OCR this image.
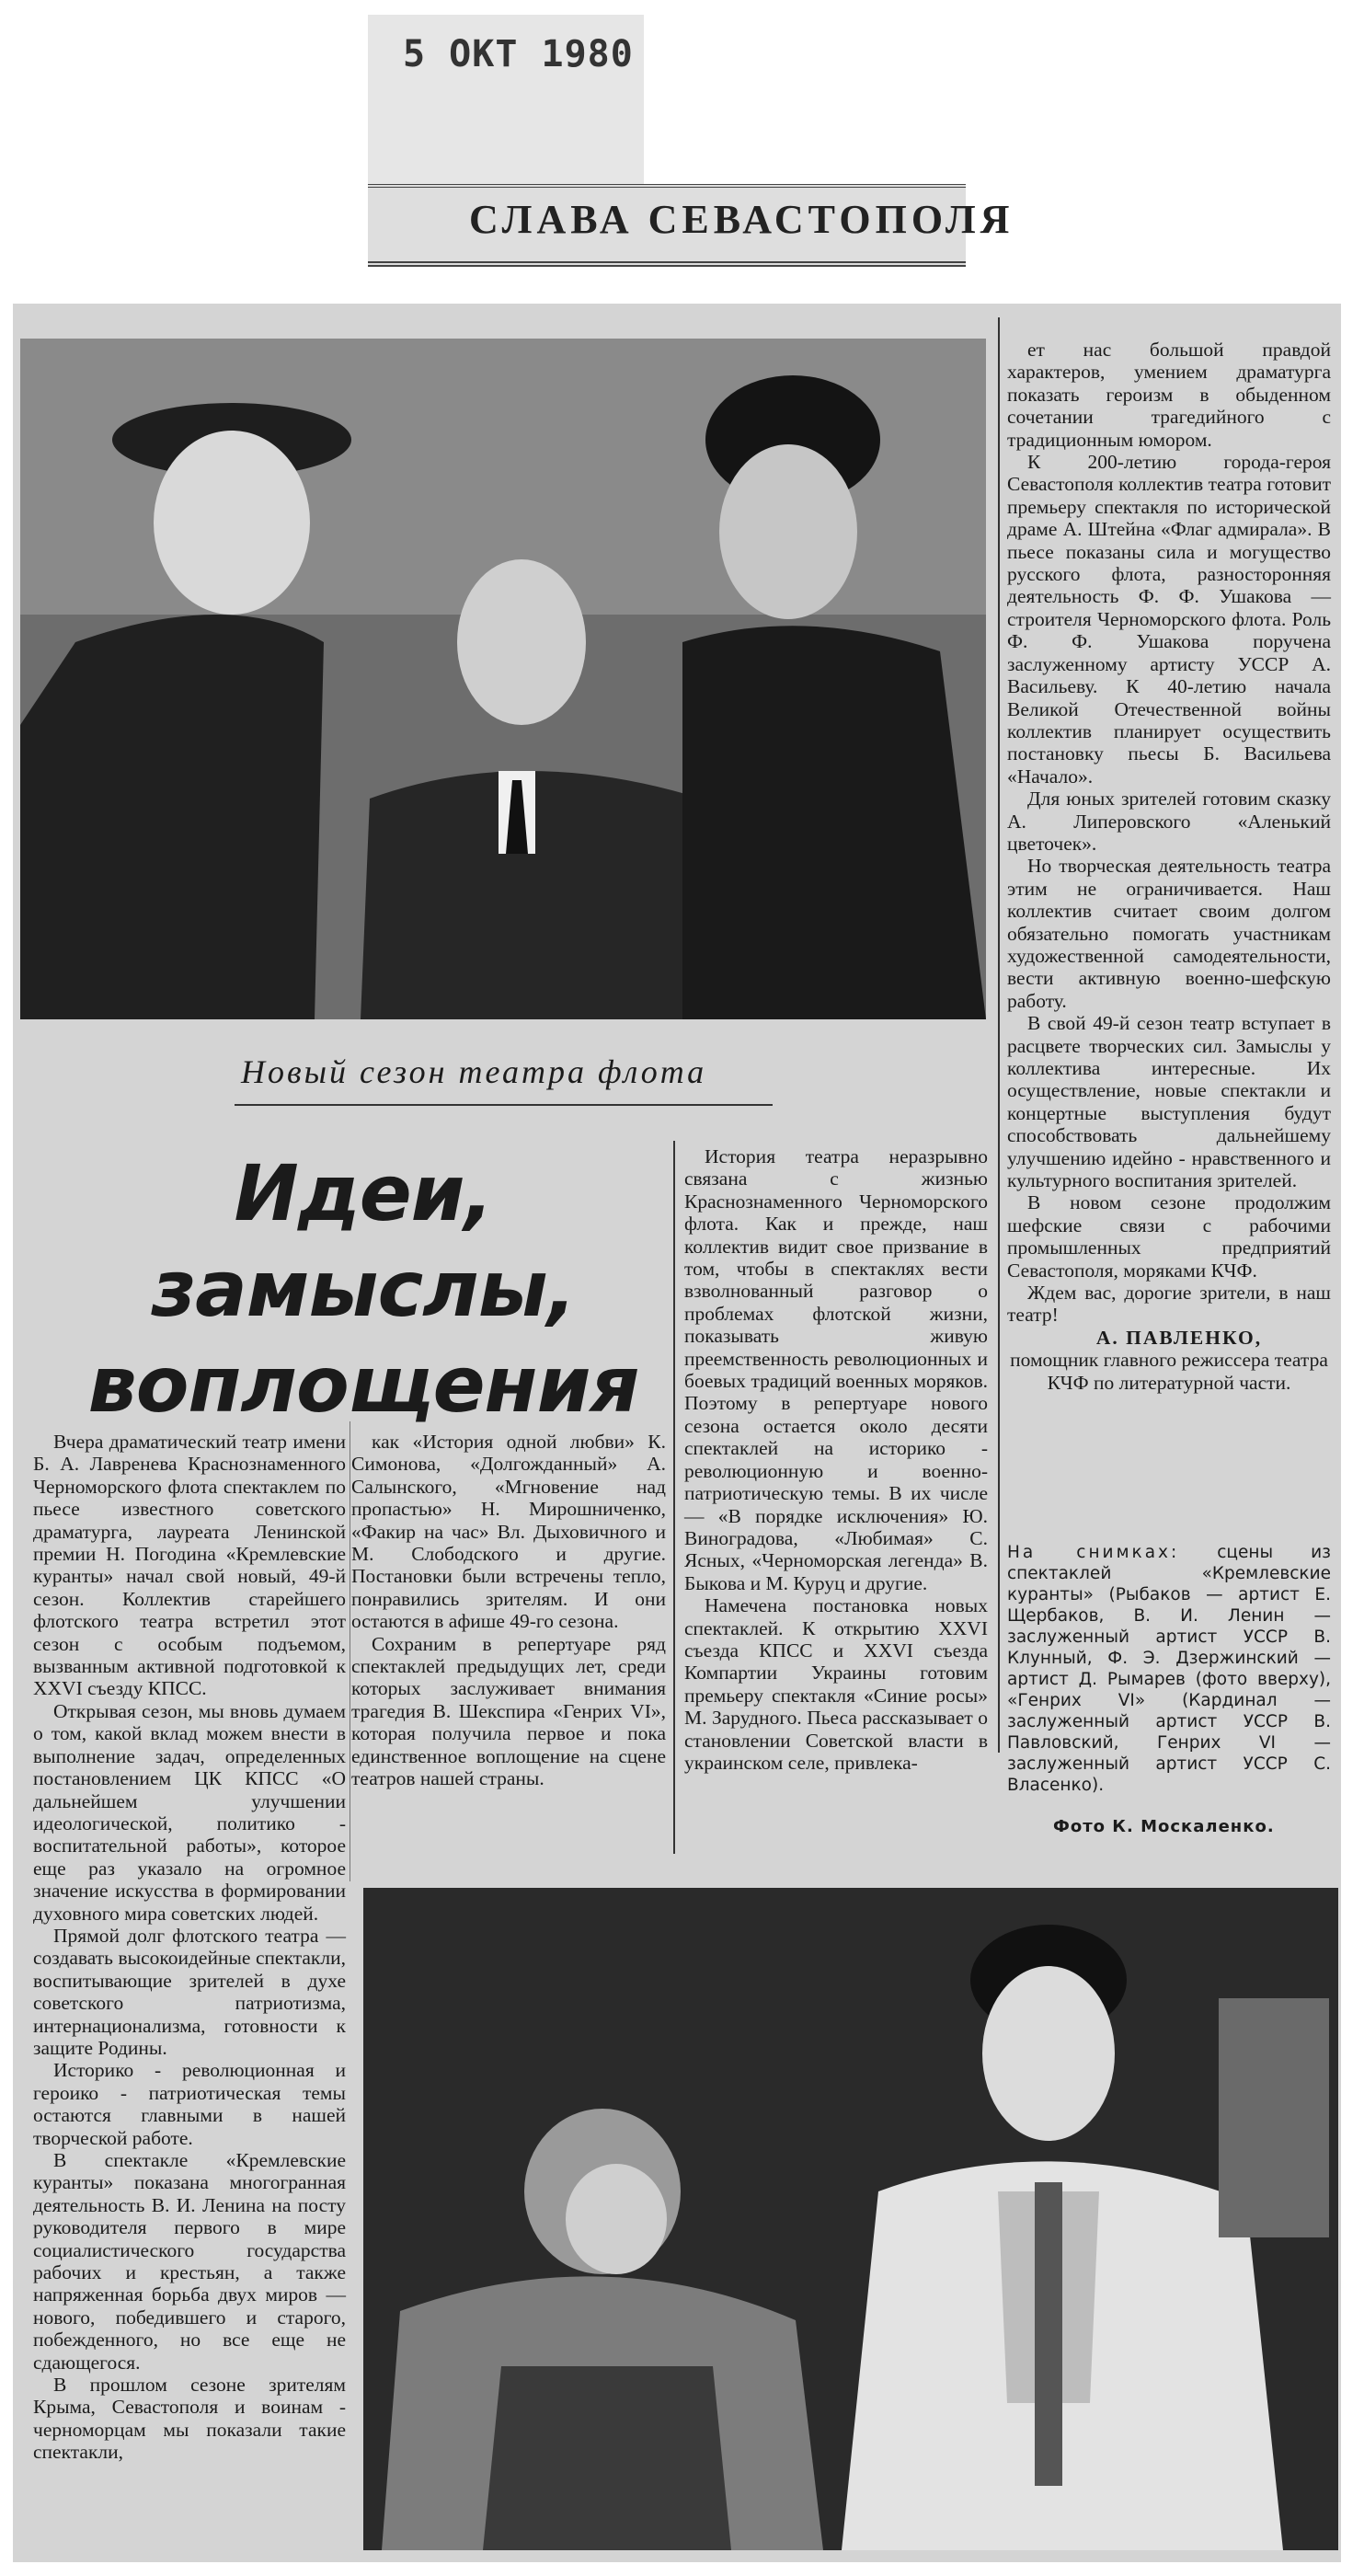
5 ОКТ 1980
СЛАВА СЕВАСТОПОЛЯ
Новый сезон театра флота
Идеи,
замыслы,
воплощения

Вчера драматический театр имени Б. А. Лавренева Краснознаменного Черноморского флота спектаклем по пьесе известного советского драматурга, лауреата Ленинской премии Н. Погодина «Кремлевские куранты» начал свой новый, 49-й сезон. Коллектив старейшего флотского театра встретил этот сезон с особым подъемом, вызванным активной подготовкой к XXVI съезду КПСС.

Открывая сезон, мы вновь думаем о том, какой вклад можем внести в выполнение задач, определенных постановлением ЦК КПСС «О дальнейшем улучшении идеологической, политико - воспитательной работы», которое еще раз указало на огромное значение искусства в формировании духовного мира советских людей.

Прямой долг флотского театра — создавать высокоидейные спектакли, воспитывающие зрителей в духе советского патриотизма, интернационализма, готовности к защите Родины.

Историко - революционная и героико - патриотическая темы остаются главными в нашей творческой работе.

В спектакле «Кремлевские куранты» показана многогранная деятельность В. И. Ленина на посту руководителя первого в мире социалистического государства рабочих и крестьян, а также напряженная борьба двух миров — нового, победившего и старого, побежденного, но все еще не сдающегося.

В прошлом сезоне зрителям Крыма, Севастополя и воинам - черноморцам мы показали такие спектакли,

как «История одной любви» К. Симонова, «Долгожданный» А. Салынского, «Мгновение над пропастью» Н. Мирошниченко, «Факир на час» Вл. Дыховичного и М. Слободского и другие. Постановки были встречены тепло, понравились зрителям. И они остаются в афише 49-го сезона.

Сохраним в репертуаре ряд спектаклей предыдущих лет, среди которых заслуживает внимания трагедия В. Шекспира «Генрих VI», которая получила первое и пока единственное воплощение на сцене театров нашей страны.

История театра неразрывно связана с жизнью Краснознаменного Черноморского флота. Как и прежде, наш коллектив видит свое призвание в том, чтобы в спектаклях вести взволнованный разговор о проблемах флотской жизни, показывать живую преемственность революционных и боевых традиций военных моряков. Поэтому в репертуаре нового сезона остается около десяти спектаклей на историко - революционную и военно-патриотическую темы. В их числе — «В порядке исключения» Ю. Виноградова, «Любимая» С. Ясных, «Черноморская легенда» В. Быкова и М. Куруц и другие.

Намечена постановка новых спектаклей. К открытию XXVI съезда КПСС и XXVI съезда Компартии Украины готовим премьеру спектакля «Синие росы» М. Зарудного. Пьеса рассказывает о становлении Советской власти в украинском селе, привлека-

ет нас большой правдой характеров, умением драматурга показать героизм в обыденном сочетании трагедийного с традиционным юмором.

К 200-летию города-героя Севастополя коллектив театра готовит премьеру спектакля по исторической драме А. Штейна «Флаг адмирала». В пьесе показаны сила и могущество русского флота, разносторонняя деятельность Ф. Ф. Ушакова — строителя Черноморского флота. Роль Ф. Ф. Ушакова поручена заслуженному артисту УССР А. Васильеву. К 40-летию начала Великой Отечественной войны коллектив планирует осуществить постановку пьесы Б. Васильева «Начало».

Для юных зрителей готовим сказку А. Липеровского «Аленький цветочек».

Но творческая деятельность театра этим не ограничивается. Наш коллектив считает своим долгом обязательно помогать участникам художественной самодеятельности, вести активную военно-шефскую работу.

В свой 49-й сезон театр вступает в расцвете творческих сил. Замыслы у коллектива интересные. Их осуществление, новые спектакли и концертные выступления будут способствовать дальнейшему улучшению идейно - нравственного и культурного воспитания зрителей.

В новом сезоне продолжим шефские связи с рабочими промышленных предприятий Севастополя, моряками КЧФ.

Ждем вас, дорогие зрители, в наш театр!

А. ПАВЛЕНКО,

помощник главного режиссера театра КЧФ по литературной части.

На снимках: сцены из спектаклей «Кремлевские куранты» (Рыбаков — артист Е. Щербаков, В. И. Ленин — заслуженный артист УССР В. Клунный, Ф. Э. Дзержинский — артист Д. Рымарев (фото вверху), «Генрих VI» (Кардинал — заслуженный артист УССР В. Павловский, Генрих VI — заслуженный артист УССР С. Власенко).
Фото К. Москаленко.
